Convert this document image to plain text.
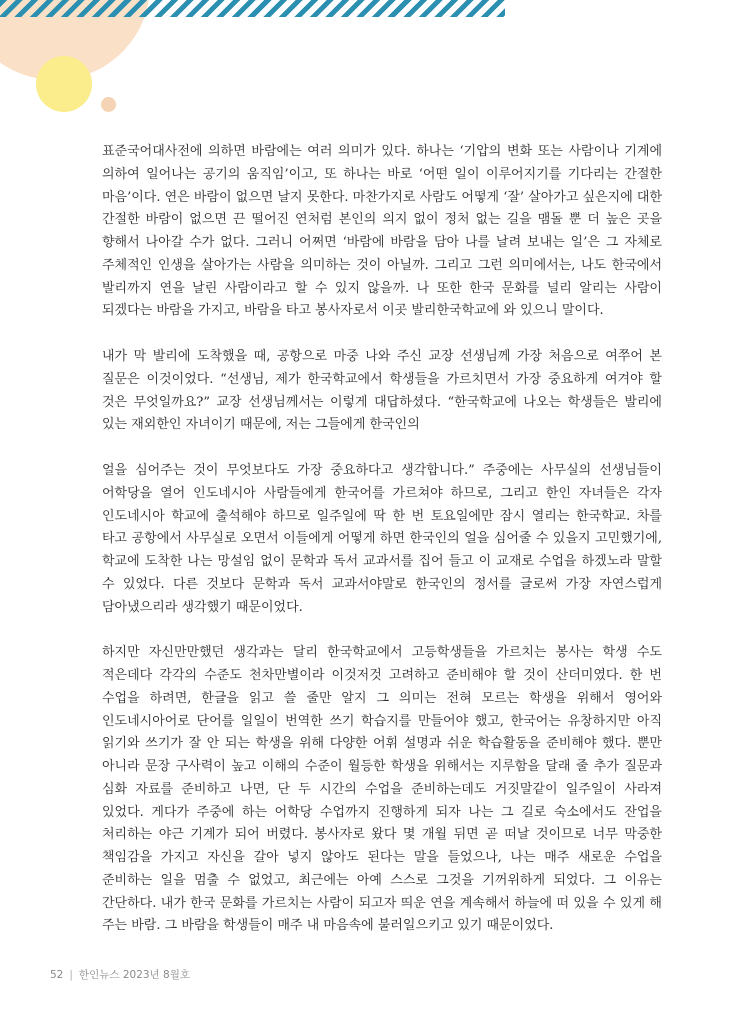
표준국어대사전에 의하면 바람에는 여러 의미가 있다. 하나는 ‘기압의 변화 또는 사람이나 기계에 의하여 일어나는 공기의 움직임’이고, 또 하나는 바로 ‘어떤 일이 이루어지기를 기다리는 간절한 마음’이다. 연은 바람이 없으면 날지 못한다. 마찬가지로 사람도 어떻게 ‘잘’ 살아가고 싶은지에 대한 간절한 바람이 없으면 끈 떨어진 연처럼 본인의 의지 없이 정처 없는 길을 맴돌 뿐 더 높은 곳을 향해서 나아갈 수가 없다. 그러니 어쩌면 ‘바람에 바람을 담아 나를 날려 보내는 일’은 그 자체로 주체적인 인생을 살아가는 사람을 의미하는 것이 아닐까. 그리고 그런 의미에서는, 나도 한국에서 발리까지 연을 날린 사람이라고 할 수 있지 않을까. 나 또한 한국 문화를 널리 알리는 사람이 되겠다는 바람을 가지고, 바람을 타고 봉사자로서 이곳 발리한국학교에 와 있으니 말이다.

내가 막 발리에 도착했을 때, 공항으로 마중 나와 주신 교장 선생님께 가장 처음으로 여쭈어 본 질문은 이것이었다. “선생님, 제가 한국학교에서 학생들을 가르치면서 가장 중요하게 여겨야 할 것은 무엇일까요?” 교장 선생님께서는 이렇게 대답하셨다. “한국학교에 나오는 학생들은 발리에 있는 재외한인 자녀이기 때문에, 저는 그들에게 한국인의

얼을 심어주는 것이 무엇보다도 가장 중요하다고 생각합니다.” 주중에는 사무실의 선생님들이 어학당을 열어 인도네시아 사람들에게 한국어를 가르쳐야 하므로, 그리고 한인 자녀들은 각자 인도네시아 학교에 출석해야 하므로 일주일에 딱 한 번 토요일에만 잠시 열리는 한국학교. 차를 타고 공항에서 사무실로 오면서 이들에게 어떻게 하면 한국인의 얼을 심어줄 수 있을지 고민했기에, 학교에 도착한 나는 망설임 없이 문학과 독서 교과서를 집어 들고 이 교재로 수업을 하겠노라 말할 수 있었다. 다른 것보다 문학과 독서 교과서야말로 한국인의 정서를 글로써 가장 자연스럽게 담아냈으리라 생각했기 때문이었다.

하지만 자신만만했던 생각과는 달리 한국학교에서 고등학생들을 가르치는 봉사는 학생 수도 적은데다 각각의 수준도 천차만별이라 이것저것 고려하고 준비해야 할 것이 산더미였다. 한 번 수업을 하려면, 한글을 읽고 쓸 줄만 알지 그 의미는 전혀 모르는 학생을 위해서 영어와 인도네시아어로 단어를 일일이 번역한 쓰기 학습지를 만들어야 했고, 한국어는 유창하지만 아직 읽기와 쓰기가 잘 안 되는 학생을 위해 다양한 어휘 설명과 쉬운 학습활동을 준비해야 했다. 뿐만 아니라 문장 구사력이 높고 이해의 수준이 월등한 학생을 위해서는 지루함을 달래 줄 추가 질문과 심화 자료를 준비하고 나면, 단 두 시간의 수업을 준비하는데도 거짓말같이 일주일이 사라져 있었다. 게다가 주중에 하는 어학당 수업까지 진행하게 되자 나는 그 길로 숙소에서도 잔업을 처리하는 야근 기계가 되어 버렸다. 봉사자로 왔다 몇 개월 뒤면 곧 떠날 것이므로 너무 막중한 책임감을 가지고 자신을 갈아 넣지 않아도 된다는 말을 들었으나, 나는 매주 새로운 수업을 준비하는 일을 멈출 수 없었고, 최근에는 아예 스스로 그것을 기꺼위하게 되었다. 그 이유는 간단하다. 내가 한국 문화를 가르치는 사람이 되고자 띄운 연을 계속해서 하늘에 떠 있을 수 있게 해 주는 바람. 그 바람을 학생들이 매주 내 마음속에 불러일으키고 있기 때문이었다.

52 | 한인뉴스 2023년 8월호
